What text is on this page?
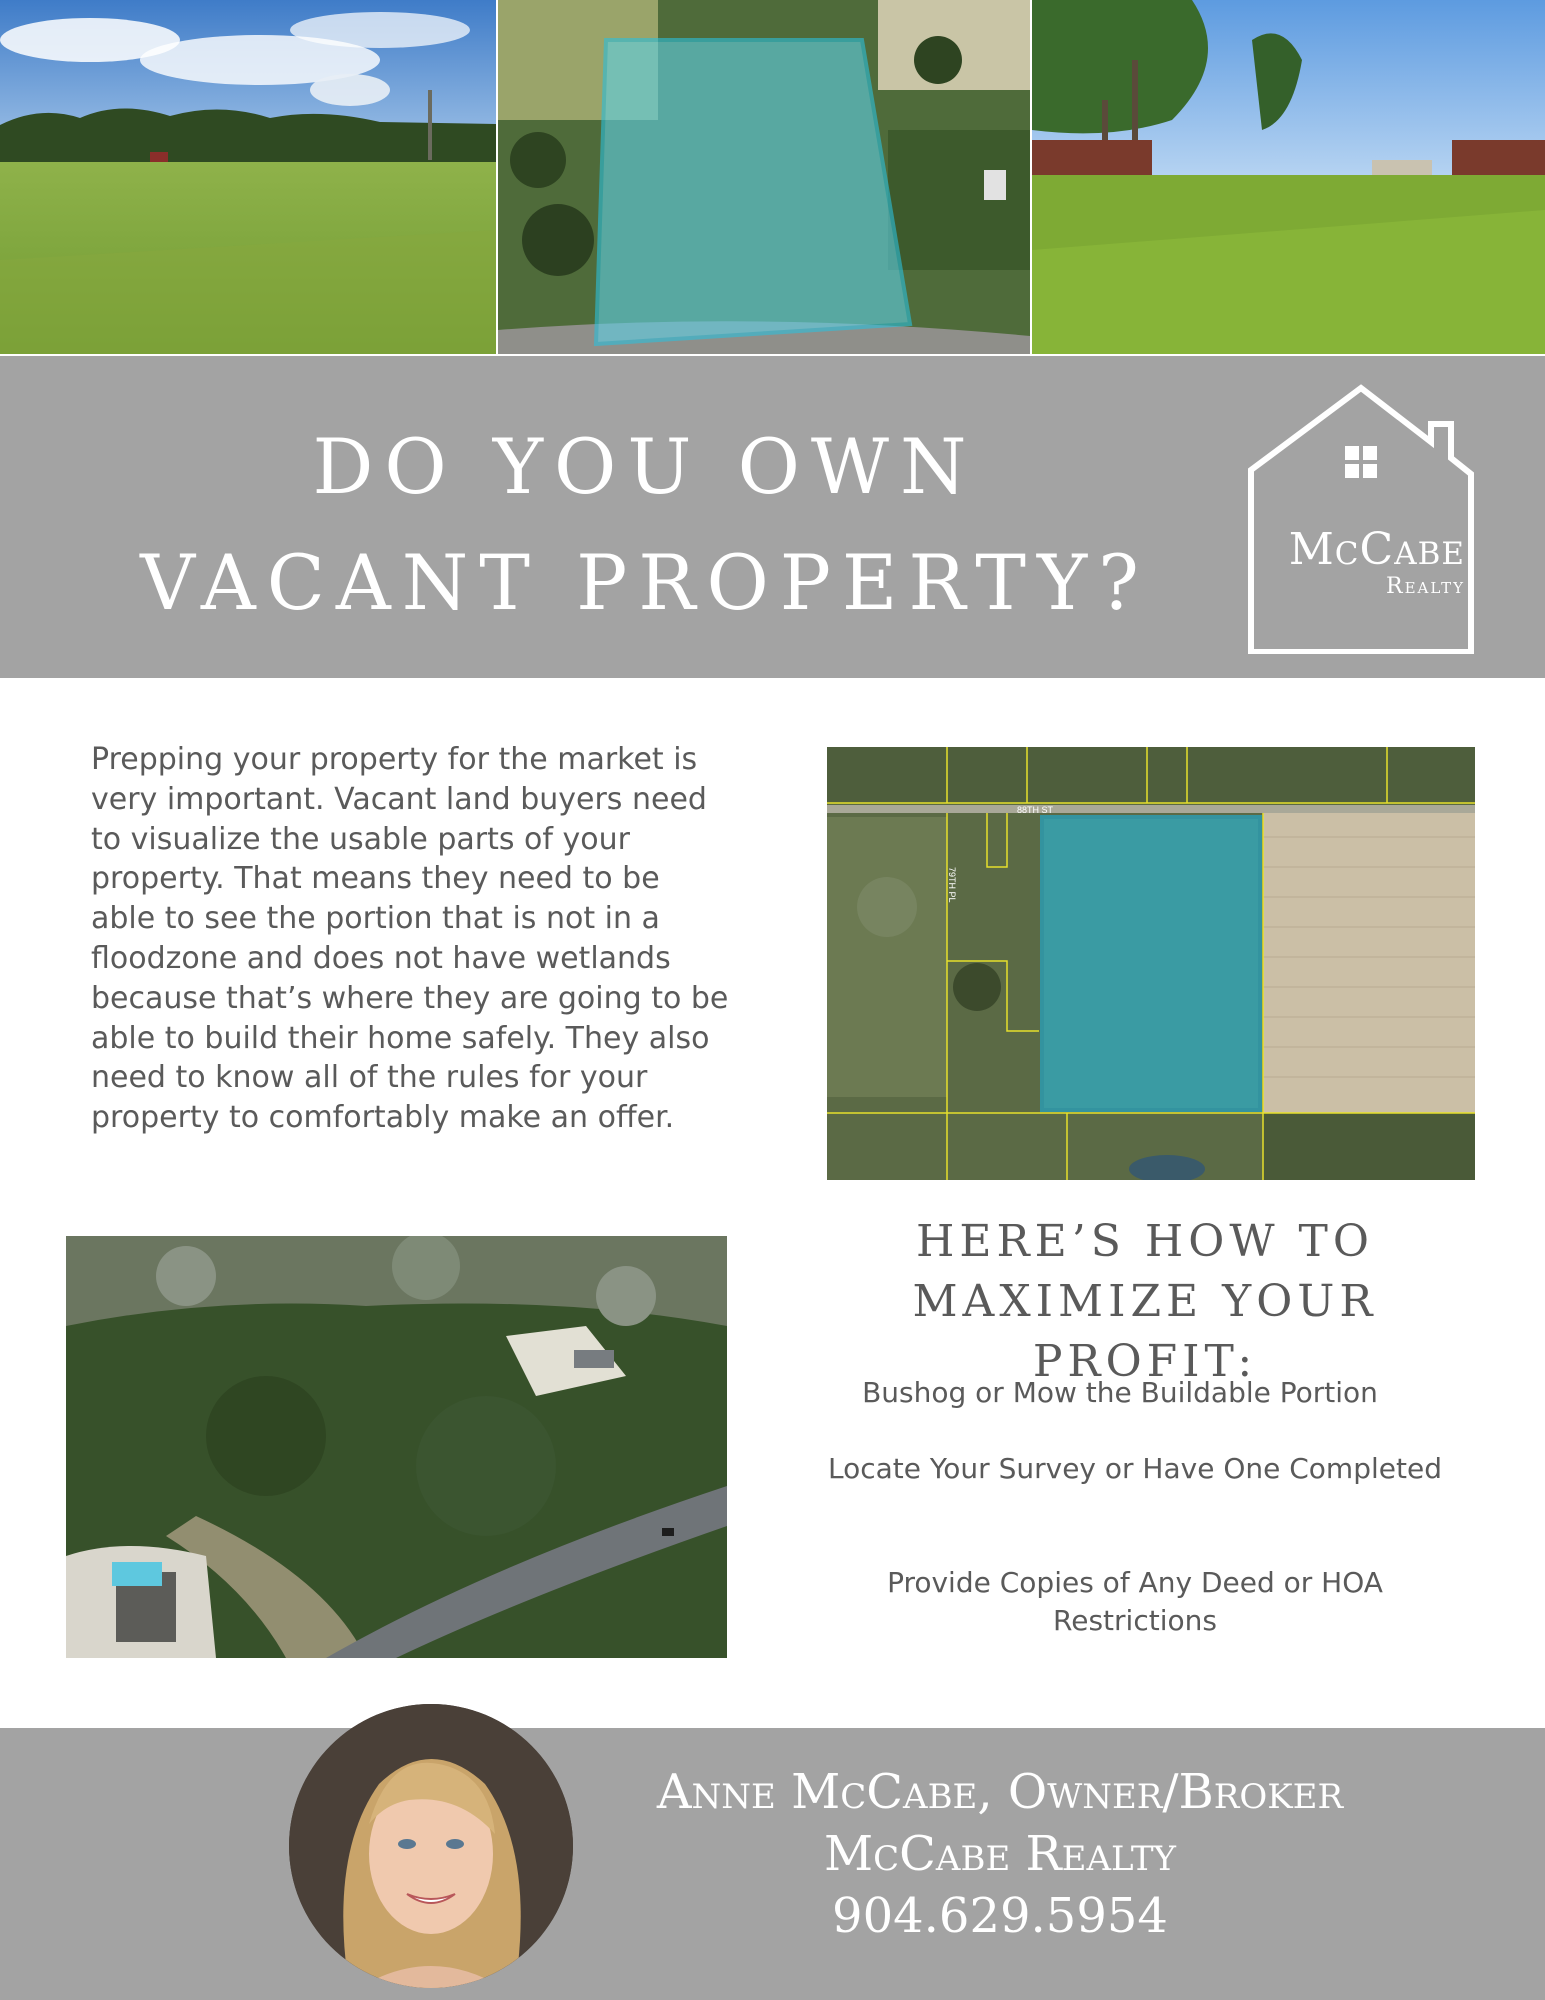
DO YOU OWN
VACANT PROPERTY?	McCabe
Realty

Prepping your property for the market is very important. Vacant land buyers need to visualize the usable parts of your property. That means they need to be able to see the portion that is not in a floodzone and does not have wetlands because that’s where they are going to be able to build their home safely. They also need to know all of the rules for your property to comfortably make an offer.

88TH ST
79TH PL
HERE’S HOW TO MAXIMIZE YOUR PROFIT:
Bushog or Mow the Buildable Portion
Locate Your Survey or Have One Completed
Provide Copies of Any Deed or HOA Restrictions
Anne McCabe, Owner/Broker
McCabe Realty
904.629.5954
